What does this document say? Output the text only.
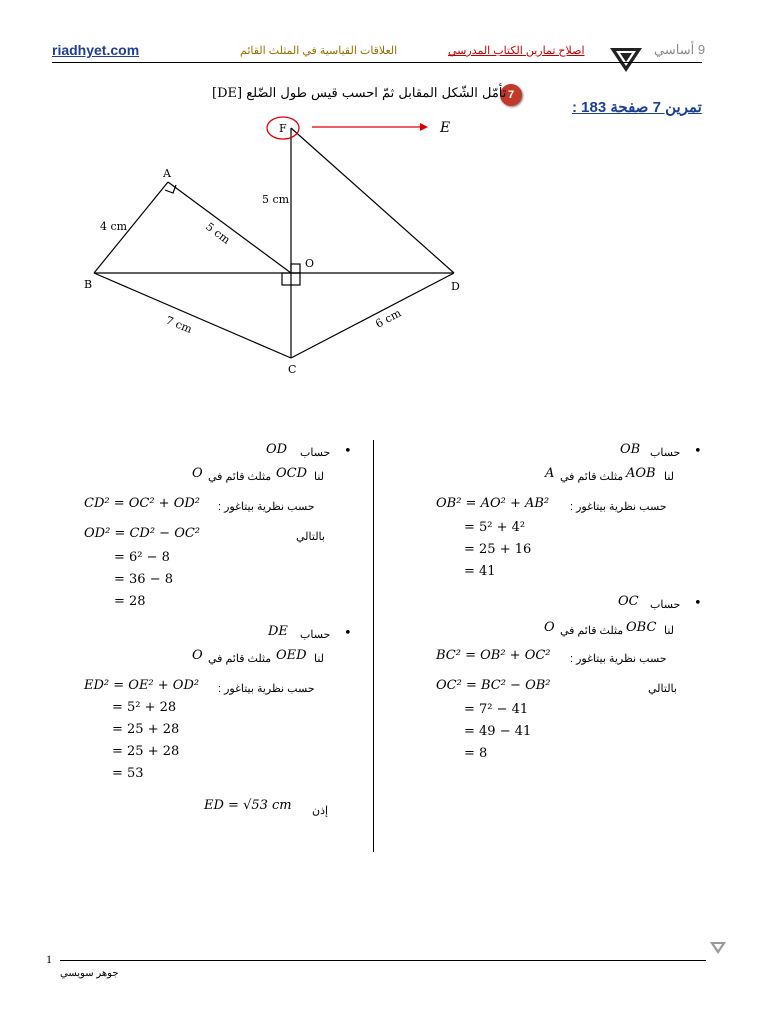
riadhyet.com	العلاقات القياسية في المثلث القائم	اصلاح تمارين الكتاب المدرسي	9 أساسي
تمرين 7 صفحة 183 :
7
تأمّل الشّكل المقابل ثمّ احسب قيس طول الضّلع [DE]
A
B
C
D
O
F
4 cm	5 cm
5 cm
7 cm	6 cm
E
•
حساب
OB
لنا
AOB
مثلث قائم في
A
حسب نظرية بيتاغور :
OB² = AO² + AB²
= 5² + 4²
= 25 + 16
= 41
•
حساب
OC
لنا
OBC
مثلث قائم في
O
حسب نظرية بيتاغور :
BC² = OB² + OC²
بالتالي
OC² = BC² − OB²
= 7² − 41
= 49 − 41
= 8
•
حساب
OD
لنا
OCD
مثلث قائم في
O
حسب نظرية بيتاغور :
CD² = OC² + OD²
بالتالي
OD² = CD² − OC²
= 6² − 8
= 36 − 8
= 28
•
حساب
DE
لنا
OED
مثلث قائم في
O
حسب نظرية بيتاغور :
ED² = OE² + OD²
= 5² + 28
= 25 + 28
= 25 + 28
= 53
إذن
ED = √53 cm
1
جوهر سويسي
